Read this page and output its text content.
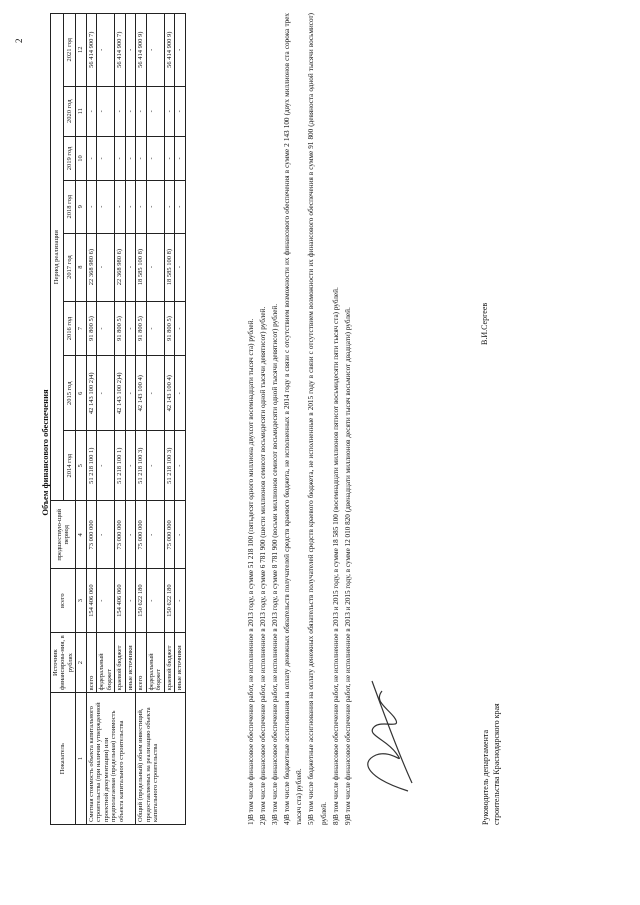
2
Объем финансового обеспечения
Показатель	Источник финансирова-ния, в рублях	всего	предшествую-щий период	Период реализации							
				2014 год	2015 год	2016 год	2017 год	2018 год	2019 год	2020 год	2021 год
1	2	3	4	5	6	7	8	9	10	11	12
Сметная стоимость объекта капитального строительства (при наличии утвержденной проектной документации) или предполагаемая (предельная) стоимость объекта капитального строительства	всего	154 406 060	73 000 000	51 218 100 1)	42 143 100 2)4)	91 800 5)	22 368 980 6)	-	-	-	56 414 900 7)
	федеральный бюджет	-	-	-	-	-	-	-	-	-	-
	краевой бюджет	154 406 060	73 000 000	51 218 100 1)	42 143 100 2)4)	91 800 5)	22 368 980 6)	-	-	-	56 414 900 7)
	иные источники	-	-	-	-	-	-	-	-	-	-
Общий (предельный) объем инвестиций, предоставляемых на реализацию объекта капитального строительства	всего	150 622 180	75 000 000	51 218 100 3)	42 143 100 4)	91 800 5)	18 585 100 8)	-	-	-	56 414 900 9)
	федеральный бюджет	-	-	-	-	-	-	-	-	-	-
	краевой бюджет	150 622 180	75 000 000	51 218 100 3)	42 143 100 4)	91 800 5)	18 585 100 8)	-	-	-	56 414 900 9)
	иные источники	-	-	-	-	-	-	-	-	-	-
1)В том числе финансовое обеспечение работ, не исполненное в 2013 году, в сумме 51 218 100 (пятьдесят одного миллиона двухсот восемнадцати тысяч ста) рублей. 2)В том числе финансовое обеспечение работ, не исполненное в 2013 году, в сумме 6 781 900 (шести миллионов семисот восьмидесяти одной тысячи девятисот) рублей. 3)В том числе финансовое обеспечение работ, не исполненное в 2013 году, в сумме 8 781 900 (восьми миллионов семисот восьмидесяти одной тысячи девятисот) рублей. 4)В том числе бюджетные ассигнования на оплату денежных обязательств получателей средств краевого бюджета, не исполненных в 2014 году в связи с отсутствием возможности их финансового обеспечения в сумме 2 143 100 (двух миллионов ста сорока трех тысяч ста) рублей. 5)В том числе бюджетные ассигнования на оплату денежных обязательств получателей средств краевого бюджета, не исполненные в 2015 году в связи с отсутствием возможности их финансового обеспечения в сумме 91 800 (девяноста одной тысячи восьмисот) рублей. 8)В том числе финансовое обеспечение работ, не исполненное в 2013 и 2015 году, в сумме 18 585 100 (восемнадцати миллионов пятисот восьмидесяти пяти тысяч ста) рублей. 9)В том числе финансовое обеспечение работ, не исполненное в 2013 и 2015 году, в сумме 12 010 820 (двенадцати миллионов десяти тысяч восьмисот двадцати) рублей.	Руководитель департамента строительства Краснодарского края
В.И.Сергеев
